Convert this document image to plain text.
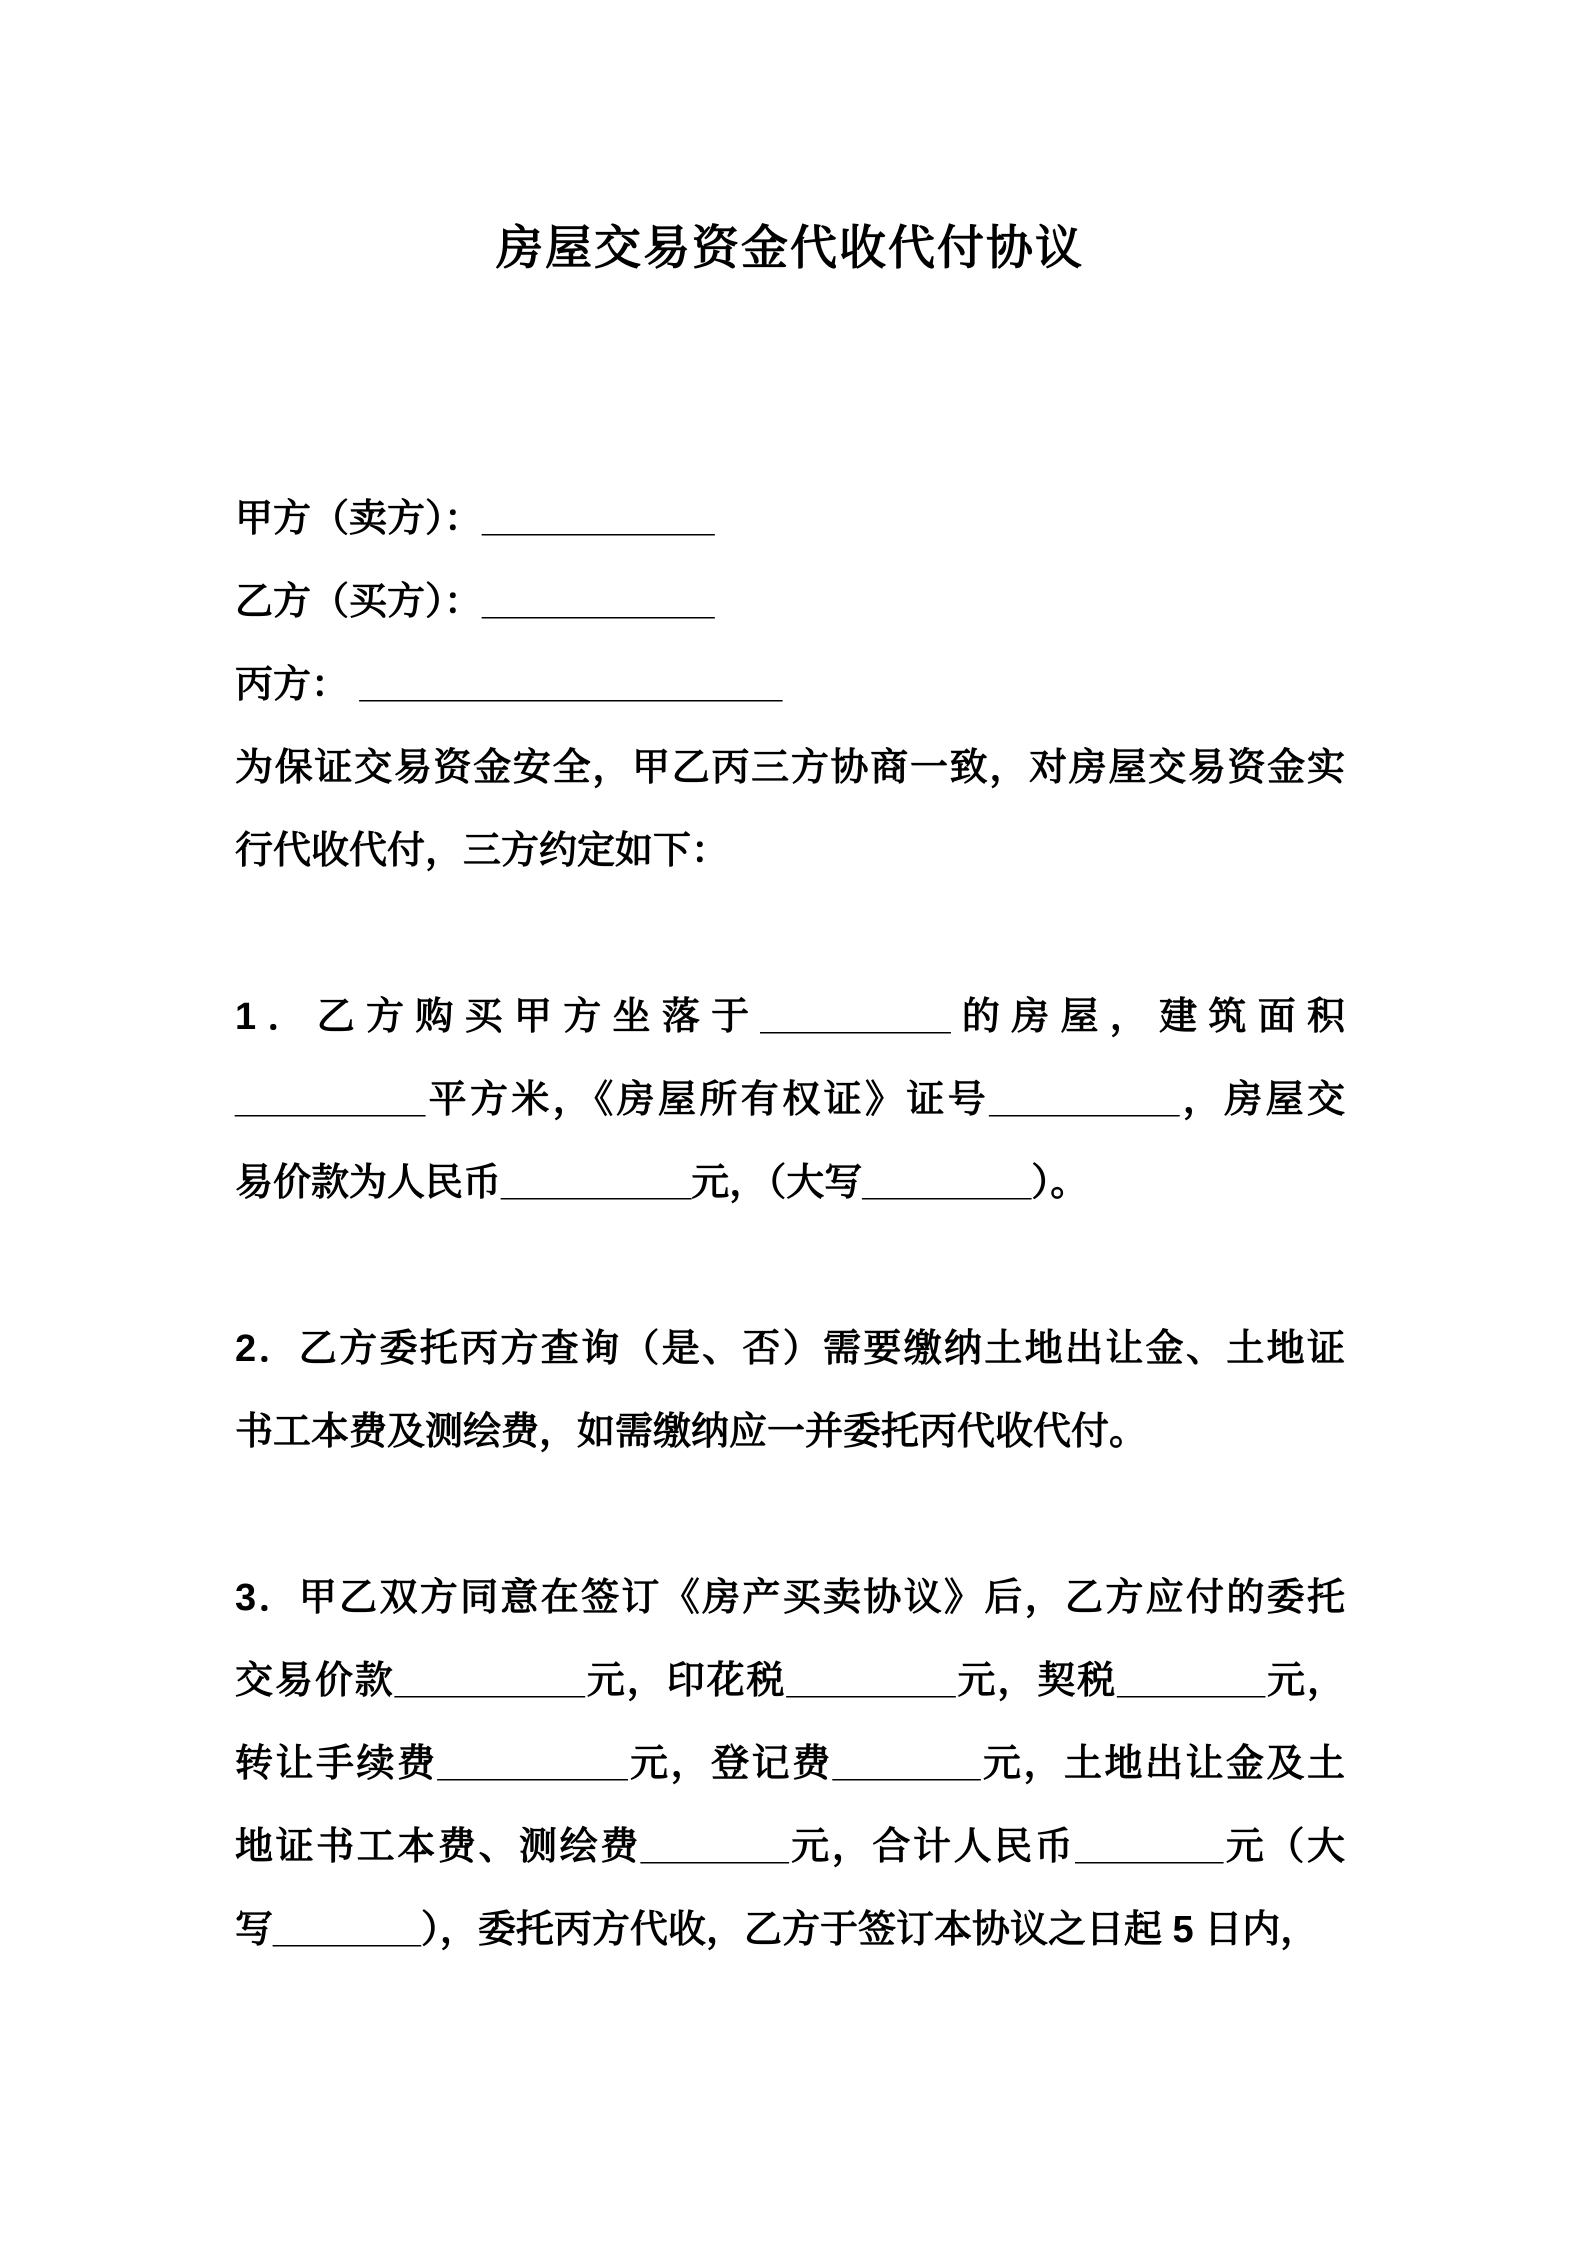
房屋交易资金代收代付协议
甲方（卖方）：___________
乙方（买方）：___________
丙方： ____________________
为保证交易资金安全，甲乙丙三方协商一致，对房屋交易资金实
行代收代付，三方约定如下：
1．乙方购买甲方坐落于_________的房屋，建筑面积
_________平方米，《房屋所有权证》证号_________，房屋交
易价款为人民币_________元，（大写________）。
2．乙方委托丙方查询（是、否）需要缴纳土地出让金、土地证
书工本费及测绘费，如需缴纳应一并委托丙代收代付。
3．甲乙双方同意在签订《房产买卖协议》后，乙方应付的委托
交易价款_________元，印花税________元，契税_______元，
转让手续费_________元，登记费_______元，土地出让金及土
地证书工本费、测绘费_______元，合计人民币_______元（大
写_______），委托丙方代收，乙方于签订本协议之日起 5 日内，
